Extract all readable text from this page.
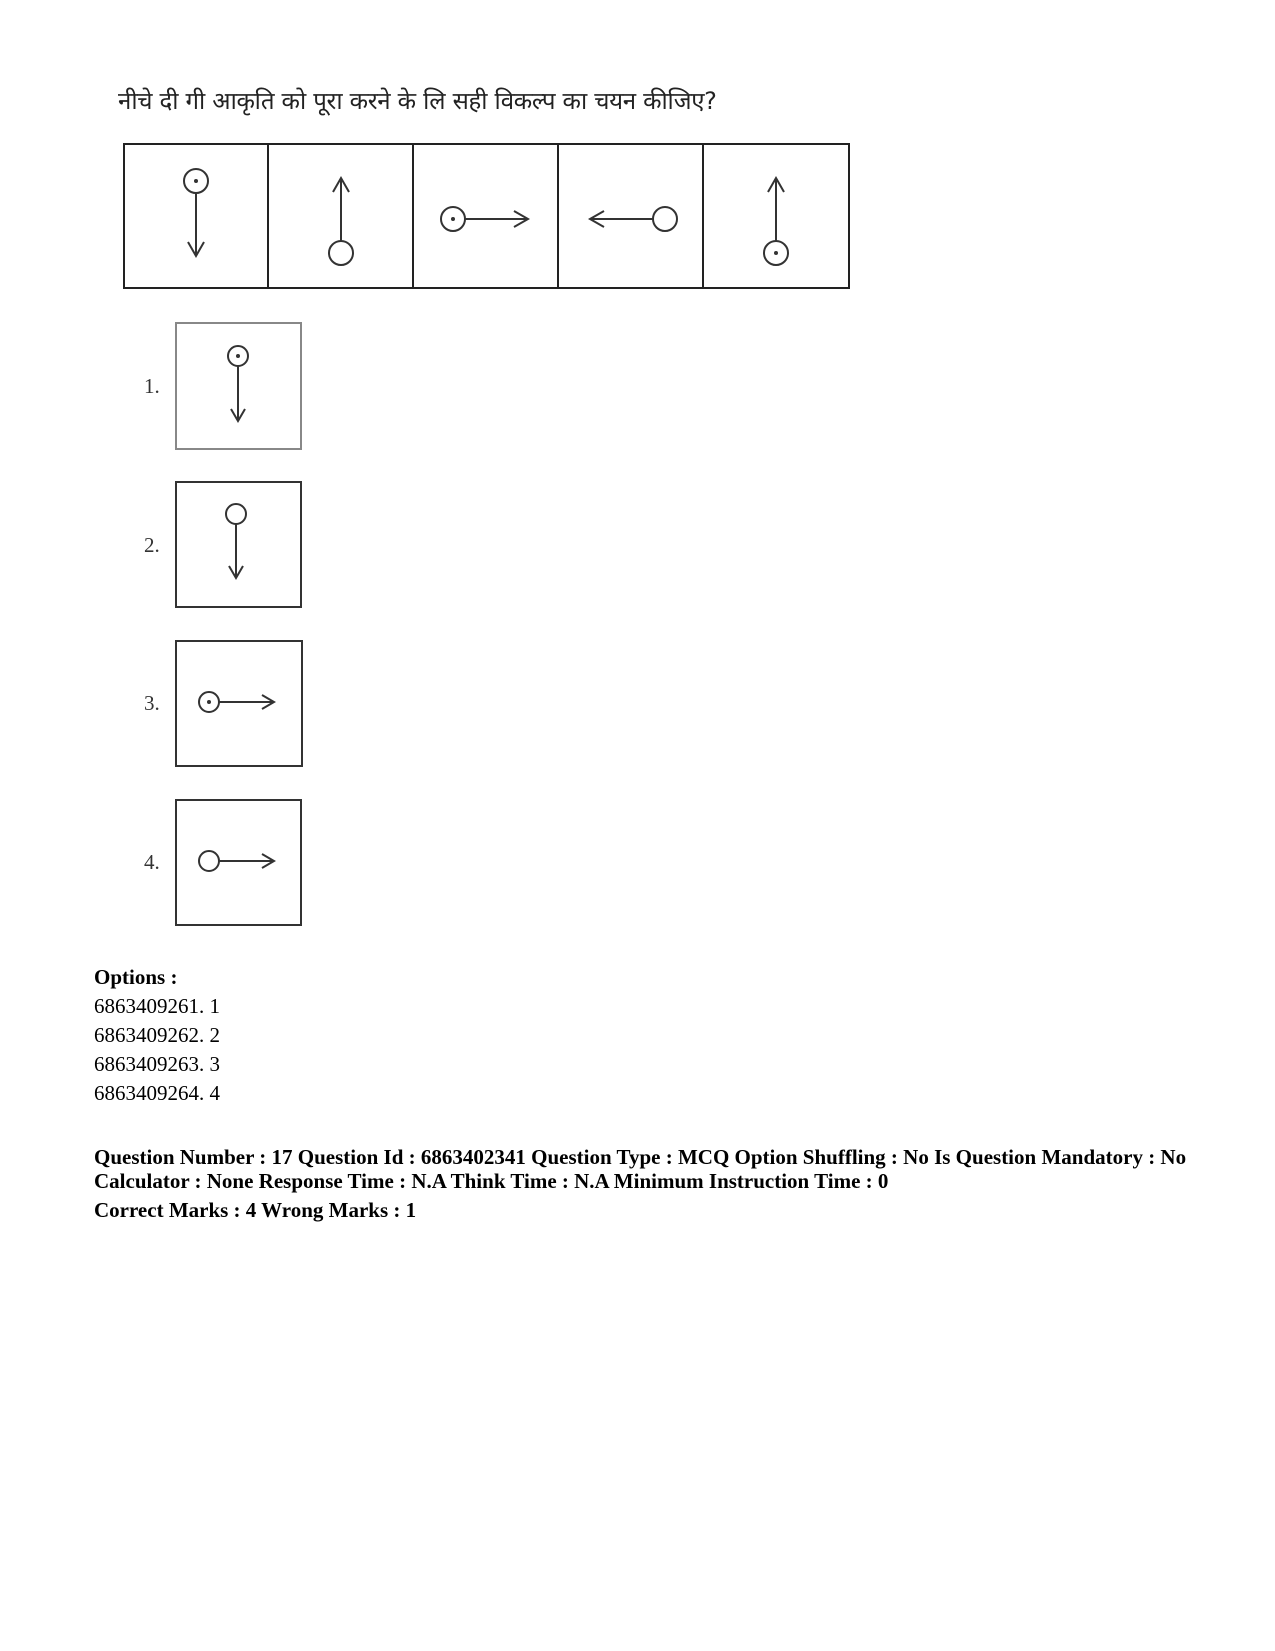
नीचे दी गी आकृति को पूरा करने के लि सही विकल्प का चयन कीजिए?
1.
2.
3.
4.
Options :
6863409261. 1
6863409262. 2
6863409263. 3
6863409264. 4
Question Number : 17 Question Id : 6863402341 Question Type : MCQ Option Shuffling : No Is Question Mandatory : No Calculator : None Response Time : N.A Think Time : N.A Minimum Instruction Time : 0
Correct Marks : 4 Wrong Marks : 1
